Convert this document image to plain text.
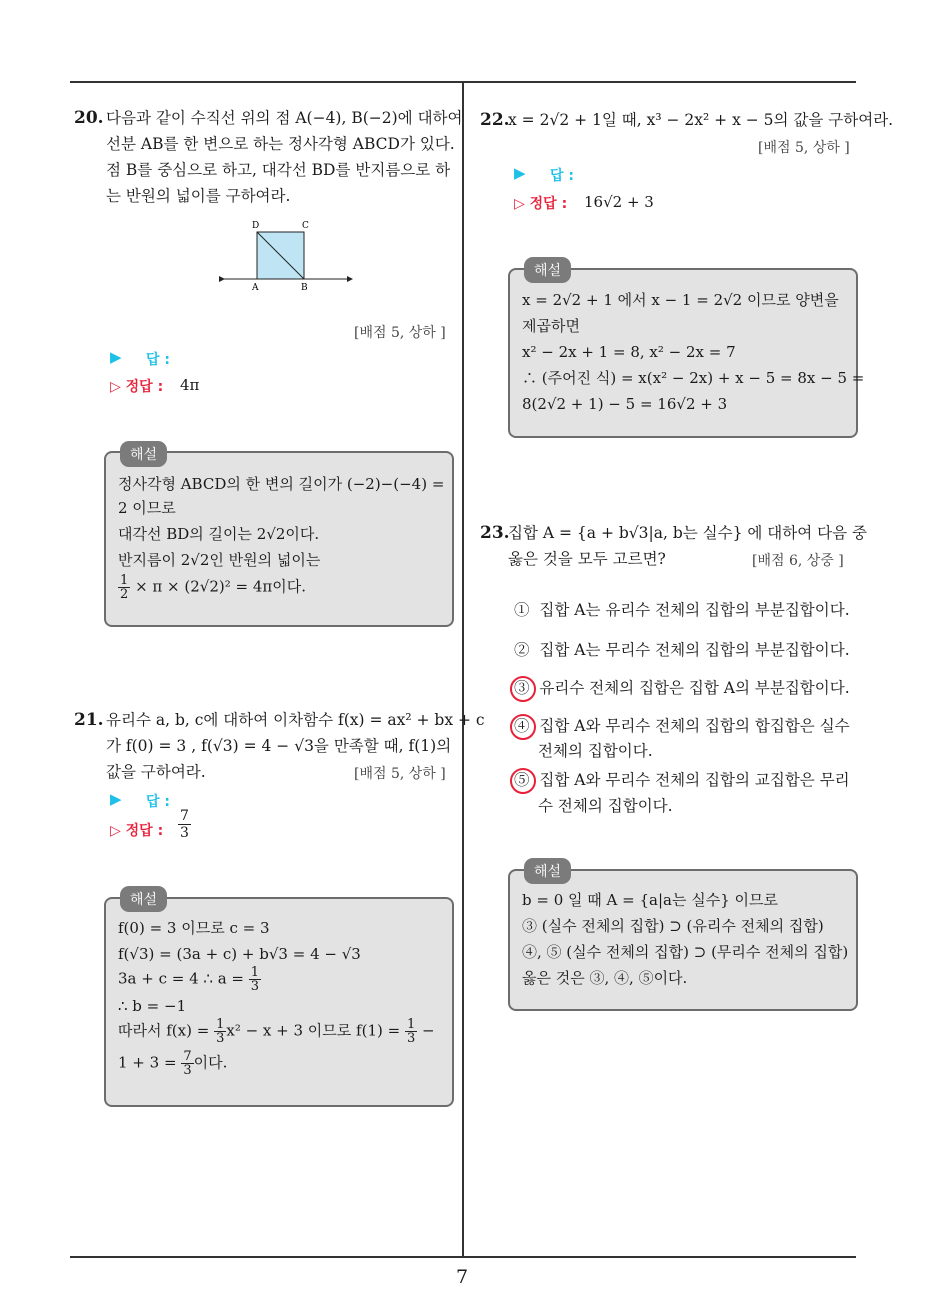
7
20. 다음과 같이 수직선 위의 점 A(−4), B(−2)에 대하여
선분 AB를 한 변으로 하는 정사각형 ABCD가 있다.
점 B를 중심으로 하고, 대각선 BD를 반지름으로 하
는 반원의 넓이를 구하여라.
D	C
A	B
[배점 5, 상하 ]
▶ 답 :
▷ 정답 : 4π
해설
정사각형 ABCD의 한 변의 길이가 (−2)−(−4) =
2 이므로
대각선 BD의 길이는 2√2이다.
반지름이 2√2인 반원의 넓이는
$\frac{1}{2} \times \pi \times (2√2)^2 = 4\pi$이다.
21. 유리수 a, b, c에 대하여 이차함수 f(x) = ax² + bx + c
가 f(0) = 3 , f(√3) = 4 − √3을 만족할 때, f(1)의
값을 구하여라.	[배점 5, 상하 ]
▶ 답 :
▷ 정답 : $\frac{7}{3}$
해설
f(0) = 3 이므로 c = 3
f(√3) = (3a + c) + b√3 = 4 − √3
3a + c = 4 ∴ $a = \frac{1}{3}$
∴ b = −1
따라서 $f(x) = \frac{1}{3} x^2 - x + 3$ 이므로 $f(1) = \frac{1}{3}$ −
$1 + 3 = \frac{7}{3}$ 이다.
22.
x = 2√2 + 1일 때, x³ − 2x² + x − 5의 값을 구하여라.
[배점 5, 상하 ]
▶ 답 :
▷ 정답 : 16√2 + 3
해설
x = 2√2 + 1 에서 x − 1 = 2√2 이므로 양변을
제곱하면
x² − 2x + 1 = 8, x² − 2x = 7
∴ (주어진 식) = x(x² − 2x) + x − 5 = 8x − 5 =
8(2√2 + 1) − 5 = 16√2 + 3
23.
집합 A = {a + b√3|a, b는 실수} 에 대하여 다음 중
옳은 것을 모두 고르면?	[배점 6, 상중 ]
① 집합 A는 유리수 전체의 집합의 부분집합이다.
② 집합 A는 무리수 전체의 집합의 부분집합이다.
③ 유리수 전체의 집합은 집합 A의 부분집합이다.
④ 집합 A와 무리수 전체의 집합의 합집합은 실수
전체의 집합이다.
⑤ 집합 A와 무리수 전체의 집합의 교집합은 무리
수 전체의 집합이다.
해설
b = 0 일 때 A = {a|a는 실수} 이므로
③ (실수 전체의 집합) ⊃ (유리수 전체의 집합)
④, ⑤ (실수 전체의 집합) ⊃ (무리수 전체의 집합)
옳은 것은 ③, ④, ⑤이다.
